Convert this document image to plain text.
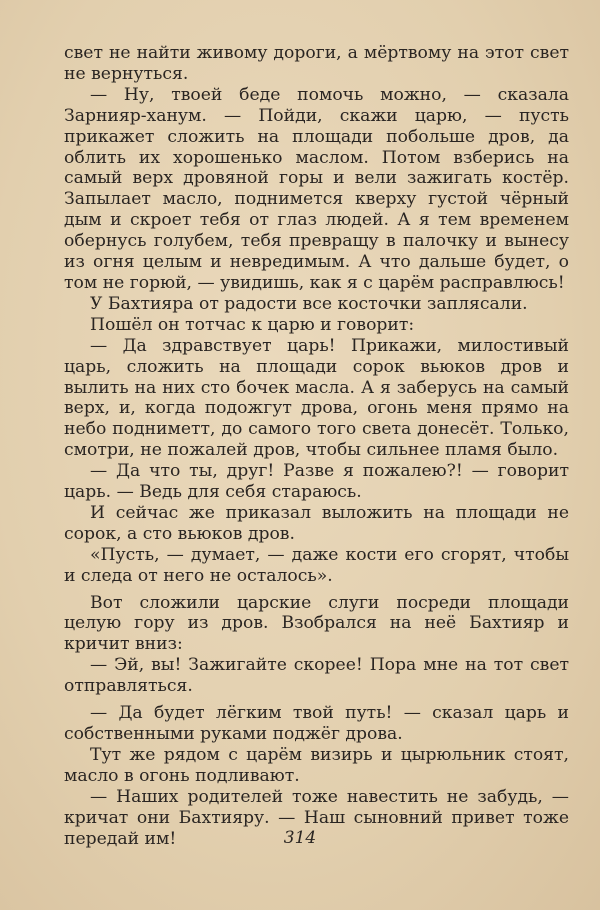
свет не найти живому дороги, а мёртвому на этот свет не вернуться.

— Ну, твоей беде помочь можно, — сказала Зарнияр-ханум. — Пойди, скажи царю, — пусть прикажет сложить на площади побольше дров, да облить их хорошенько маслом. Потом взберись на самый верх дровяной горы и вели зажигать костёр. Запылает масло, поднимется кверху густой чёрный дым и скроет тебя от глаз людей. А я тем временем обернусь голубем, тебя превращу в палочку и вынесу из огня целым и невредимым. А что дальше будет, о том не горюй, — увидишь, как я с царём расправлюсь!

У Бахтияра от радости все косточки заплясали.

Пошёл он тотчас к царю и говорит:

— Да здравствует царь! Прикажи, милостивый царь, сложить на площади сорок вьюков дров и вылить на них сто бочек масла. А я заберусь на самый верх, и, когда подожгут дрова, огонь меня прямо на небо подниметт, до самого того света донесёт. Только, смотри, не пожалей дров, чтобы сильнее пламя было.

— Да что ты, друг! Разве я пожалею?! — говорит царь. — Ведь для себя стараюсь.

И сейчас же приказал выложить на площади не сорок, а сто вьюков дров.

«Пусть, — думает, — даже кости его сгорят, чтобы и следа от него не осталось».

Вот сложили царские слуги посреди площади целую гору из дров. Взобрался на неё Бахтияр и кричит вниз:

— Эй, вы! Зажигайте скорее! Пора мне на тот свет отправляться.

— Да будет лёгким твой путь! — сказал царь и собственными руками поджёг дрова.

Тут же рядом с царём визирь и цырюльник стоят, масло в огонь подливают.

— Наших родителей тоже навестить не забудь, — кричат они Бахтияру. — Наш сыновний привет тоже передай им!	314
